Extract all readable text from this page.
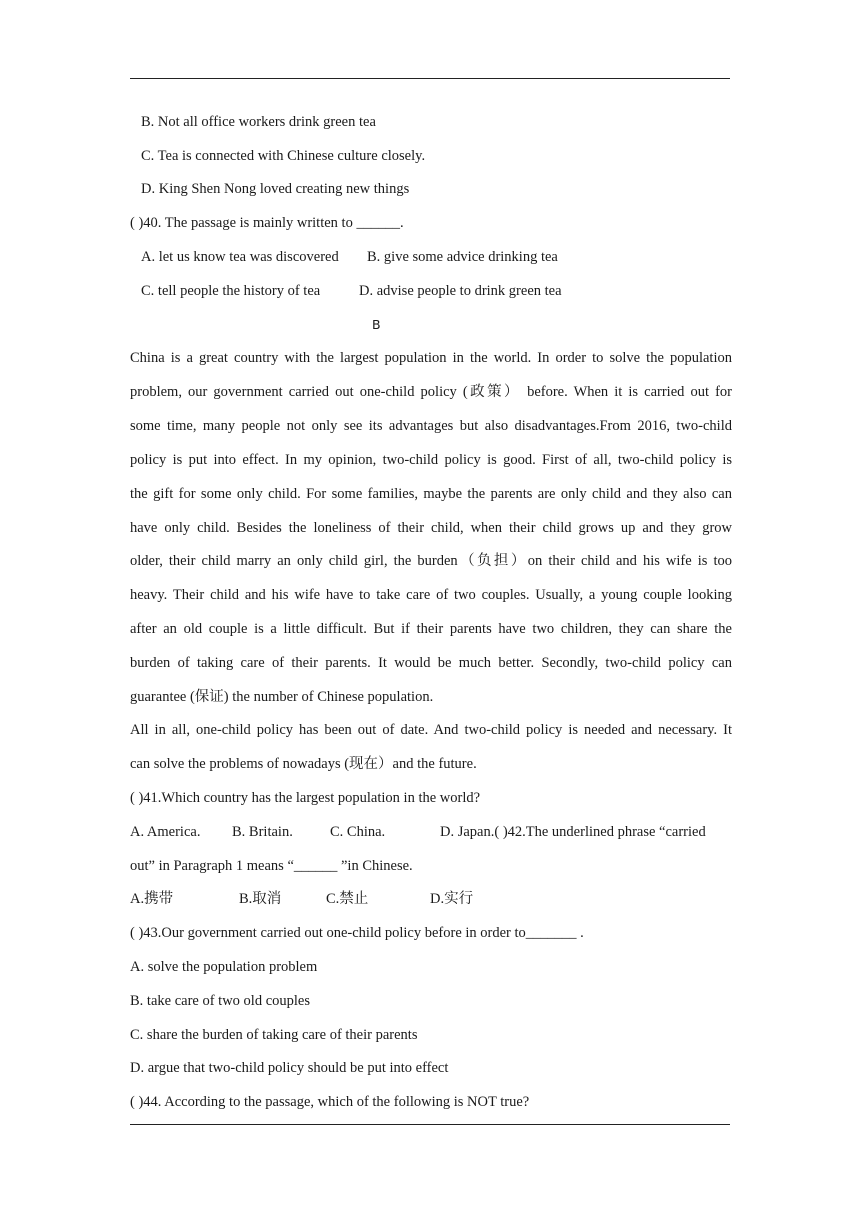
B. Not all office workers drink green tea
C. Tea is connected with Chinese culture closely.
D. King Shen Nong loved creating new things
( )40. The passage is mainly written to ______.
A. let us know tea was discovered B. give some advice drinking tea
C. tell people the history of tea	D. advise people to drink green tea
B
China is a great country with the largest population in the world. In order to solve the population
problem, our government carried out one-child policy (政策） before. When it is carried out for
some time, many people not only see its advantages but also disadvantages.From 2016, two-child
policy is put into effect. In my opinion, two-child policy is good. First of all, two-child policy is
the gift for some only child. For some families, maybe the parents are only child and they also can
have only child. Besides the loneliness of their child, when their child grows up and they grow
older, their child marry an only child girl, the burden（负担）on their child and his wife is too
heavy. Their child and his wife have to take care of two couples. Usually, a young couple looking
after an old couple is a little difficult. But if their parents have two children, they can share the
burden of taking care of their parents. It would be much better. Secondly, two-child policy can
guarantee (保证) the number of Chinese population.
All in all, one-child policy has been out of date. And two-child policy is needed and necessary. It
can solve the problems of nowadays (现在）and the future.
( )41.Which country has the largest population in the world?
A. America. B. Britain.	C. China.	D. Japan.( )42.The underlined phrase “carried
out” in Paragraph 1 means “______ ”in Chinese.
A.携带	B.取消	C.禁止	D.实行
( )43.Our government carried out one-child policy before in order to_______ .
A. solve the population problem
B. take care of two old couples
C. share the burden of taking care of their parents
D. argue that two-child policy should be put into effect
( )44. According to the passage, which of the following is NOT true?
